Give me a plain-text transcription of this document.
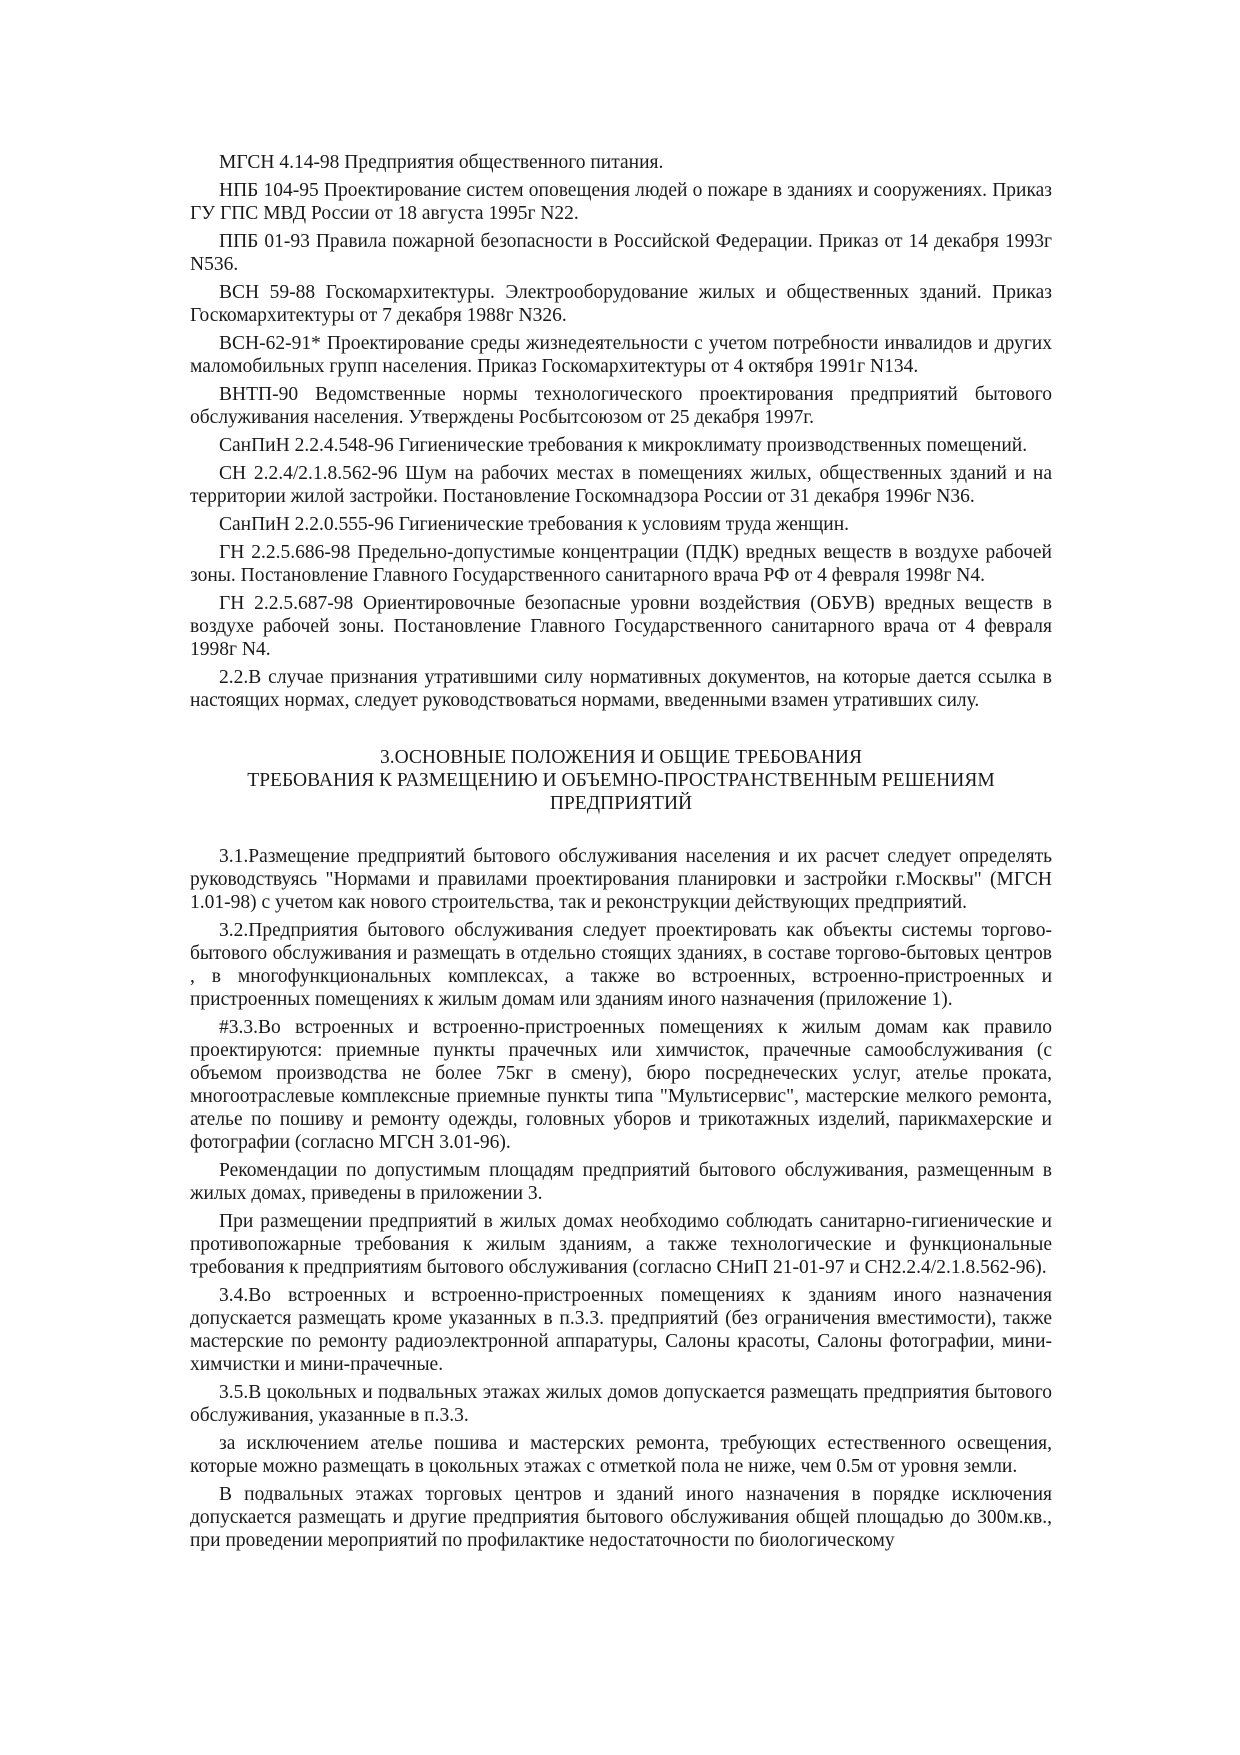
МГСН 4.14-98 Предприятия общественного питания.

НПБ 104-95 Проектирование систем оповещения людей о пожаре в зданиях и сооружениях. Приказ ГУ ГПС МВД России от 18 августа 1995г N22.

ППБ 01-93 Правила пожарной безопасности в Российской Федерации. Приказ от 14 декабря 1993г N536.

ВСН 59-88 Госкомархитектуры. Электрооборудование жилых и общественных зданий. Приказ Госкомархитектуры от 7 декабря 1988г N326.

ВСН-62-91* Проектирование среды жизнедеятельности с учетом потребности инвалидов и других маломобильных групп населения. Приказ Госкомархитектуры от 4 октября 1991г N134.

ВНТП-90 Ведомственные нормы технологического проектирования предприятий бытового обслуживания населения. Утверждены Росбытсоюзом от 25 декабря 1997г.

СанПиН 2.2.4.548-96 Гигиенические требования к микроклимату производственных помещений.

СН 2.2.4/2.1.8.562-96 Шум на рабочих местах в помещениях жилых, общественных зданий и на территории жилой застройки. Постановление Госкомнадзора России от 31 декабря 1996г N36.

СанПиН 2.2.0.555-96 Гигиенические требования к условиям труда женщин.

ГН 2.2.5.686-98 Предельно-допустимые концентрации (ПДК) вредных веществ в воздухе рабочей зоны. Постановление Главного Государственного санитарного врача РФ от 4 февраля 1998г N4.

ГН 2.2.5.687-98 Ориентировочные безопасные уровни воздействия (ОБУВ) вредных веществ в воздухе рабочей зоны. Постановление Главного Государственного санитарного врача от 4 февраля 1998г N4.

2.2.В случае признания утратившими силу нормативных документов, на которые дается ссылка в настоящих нормах, следует руководствоваться нормами, введенными взамен утративших силу.

3.ОСНОВНЫЕ ПОЛОЖЕНИЯ И ОБЩИЕ ТРЕБОВАНИЯ
ТРЕБОВАНИЯ К РАЗМЕЩЕНИЮ И ОБЪЕМНО-ПРОСТРАНСТВЕННЫМ РЕШЕНИЯМ
ПРЕДПРИЯТИЙ

3.1.Размещение предприятий бытового обслуживания населения и их расчет следует определять руководствуясь "Нормами и правилами проектирования планировки и застройки г.Москвы" (МГСН 1.01-98) с учетом как нового строительства, так и реконструкции действующих предприятий.

3.2.Предприятия бытового обслуживания следует проектировать как объекты системы торгово-бытового обслуживания и размещать в отдельно стоящих зданиях, в составе торгово-бытовых центров , в многофункциональных комплексах, а также во встроенных, встроенно-пристроенных и пристроенных помещениях к жилым домам или зданиям иного назначения (приложение 1).

#3.3.Во встроенных и встроенно-пристроенных помещениях к жилым домам как правило проектируются: приемные пункты прачечных или химчисток, прачечные самообслуживания (с объемом производства не более 75кг в смену), бюро посреднеческих услуг, ателье проката, многоотраслевые комплексные приемные пункты типа "Мультисервис", мастерские мелкого ремонта, ателье по пошиву и ремонту одежды, головных уборов и трикотажных изделий, парикмахерские и фотографии (согласно МГСН 3.01-96).

Рекомендации по допустимым площадям предприятий бытового обслуживания, размещенным в жилых домах, приведены в приложении 3.

При размещении предприятий в жилых домах необходимо соблюдать санитарно-гигиенические и противопожарные требования к жилым зданиям, а также технологические и функциональные требования к предприятиям бытового обслуживания (согласно СНиП 21-01-97 и СН2.2.4/2.1.8.562-96).

3.4.Во встроенных и встроенно-пристроенных помещениях к зданиям иного назначения допускается размещать кроме указанных в п.3.3. предприятий (без ограничения вместимости), также мастерские по ремонту радиоэлектронной аппаратуры, Салоны красоты, Салоны фотографии, мини-химчистки и мини-прачечные.

3.5.В цокольных и подвальных этажах жилых домов допускается размещать предприятия бытового обслуживания, указанные в п.3.3.

за исключением ателье пошива и мастерских ремонта, требующих естественного освещения, которые можно размещать в цокольных этажах с отметкой пола не ниже, чем 0.5м от уровня земли.

В подвальных этажах торговых центров и зданий иного назначения в порядке исключения допускается размещать и другие предприятия бытового обслуживания общей площадью до 300м.кв., при проведении мероприятий по профилактике недостаточности по биологическому
